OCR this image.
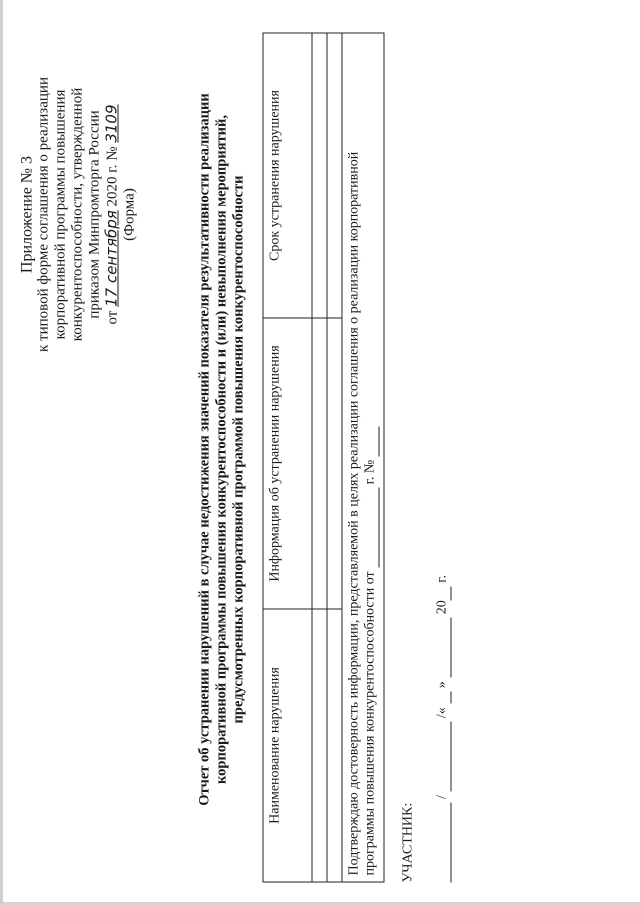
Приложение № 3 к типовой форме соглашения о реализации корпоративной программы повышения конкурентоспособности, утвержденной приказом Минпромторга России от 17 сентября 2020 г. № 3109
(Форма)	Отчет об устранении нарушений в случае недостижения значений показателя результативности реализации корпоративной программы повышения конкурентоспособности и (или) невыполнения мероприятий, предусмотренных корпоративной программой повышения конкурентоспособности
Наименование нарушения	Информация об устранении нарушения	Срок устранения нарушения

Подтверждаю достоверность информации, представляемой в целях реализации соглашения о реализации корпоративной программы повышения конкурентоспособности от   г. №		
УЧАСТНИК:
/   /«   »   20  г.
